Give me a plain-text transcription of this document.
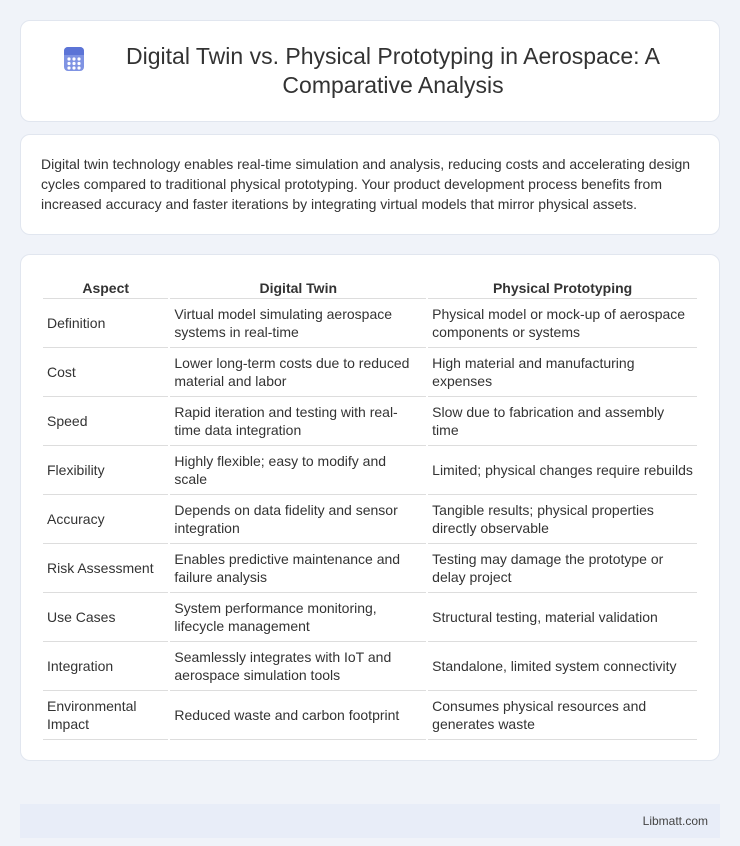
Digital Twin vs. Physical Prototyping in Aerospace: A Comparative Analysis

Digital twin technology enables real-time simulation and analysis, reducing costs and accelerating design cycles compared to traditional physical prototyping. Your product development process benefits from increased accuracy and faster iterations by integrating virtual models that mirror physical assets.

Aspect	Digital Twin	Physical Prototyping
Definition	Virtual model simulating aerospace systems in real-time	Physical model or mock-up of aerospace components or systems
Cost	Lower long-term costs due to reduced material and labor	High material and manufacturing expenses
Speed	Rapid iteration and testing with real-time data integration	Slow due to fabrication and assembly time
Flexibility	Highly flexible; easy to modify and scale	Limited; physical changes require rebuilds
Accuracy	Depends on data fidelity and sensor integration	Tangible results; physical properties directly observable
Risk Assessment	Enables predictive maintenance and failure analysis	Testing may damage the prototype or delay project
Use Cases	System performance monitoring, lifecycle management	Structural testing, material validation
Integration	Seamlessly integrates with IoT and aerospace simulation tools	Standalone, limited system connectivity
Environmental Impact	Reduced waste and carbon footprint	Consumes physical resources and generates waste
Libmatt.com
